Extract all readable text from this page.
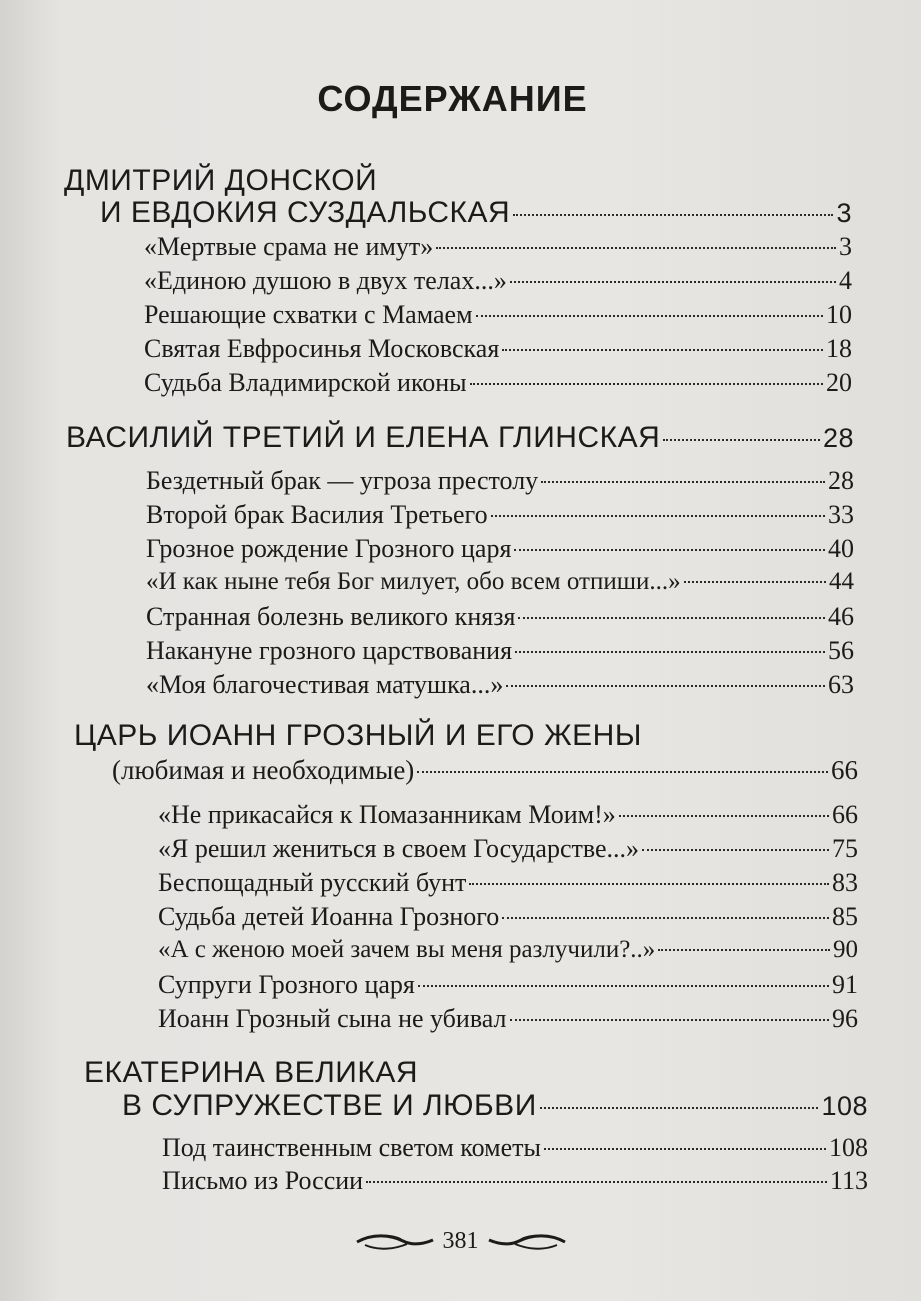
СОДЕРЖАНИЕ
ДМИТРИЙ ДОНСКОЙ
И ЕВДОКИЯ СУЗДАЛЬСКАЯ	3
«Мертвые срама не имут»	3
«Единою душою в двух телах...»	4
Решающие схватки с Мамаем	10
Святая Евфросинья Московская	18
Судьба Владимирской иконы	20
ВАСИЛИЙ ТРЕТИЙ И ЕЛЕНА ГЛИНСКАЯ	28
Бездетный брак — угроза престолу	28
Второй брак Василия Третьего	33
Грозное рождение Грозного царя	40
«И как ныне тебя Бог милует, обо всем отпиши...»	44
Странная болезнь великого князя	46
Накануне грозного царствования	56
«Моя благочестивая матушка...»	63
ЦАРЬ ИОАНН ГРОЗНЫЙ И ЕГО ЖЕНЫ
(любимая и необходимые)	66
«Не прикасайся к Помазанникам Моим!»	66
«Я решил жениться в своем Государстве...»	75
Беспощадный русский бунт	83
Судьба детей Иоанна Грозного	85
«А с женою моей зачем вы меня разлучили?..»	90
Супруги Грозного царя	91
Иоанн Грозный сына не убивал	96
ЕКАТЕРИНА ВЕЛИКАЯ
В СУПРУЖЕСТВЕ И ЛЮБВИ	108
Под таинственным светом кометы	108
Письмо из России	113
381
